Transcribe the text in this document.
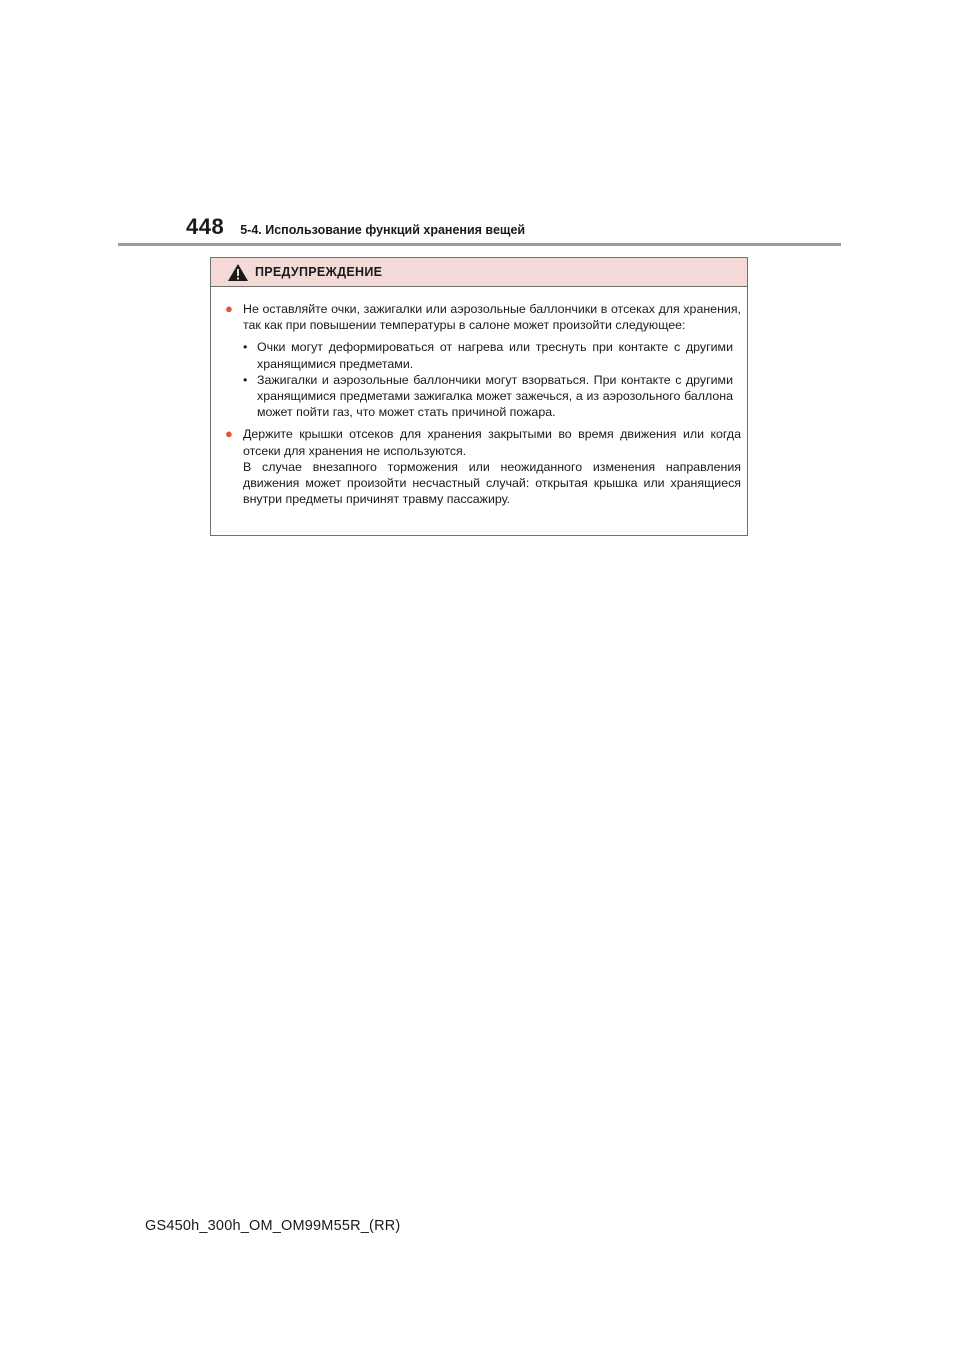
448 5-4. Использование функций хранения вещей
ПРЕДУПРЕЖДЕНИЕ
● Не оставляйте очки, зажигалки или аэрозольные баллончики в отсеках для хранения, так как при повышении температуры в салоне может произойти следующее:

• Очки могут деформироваться от нагрева или треснуть при контакте с другими хранящимися предметами.
• Зажигалки и аэрозольные баллончики могут взорваться. При контакте с другими хранящимися предметами зажигалка может зажечься, а из аэрозольного баллона может пойти газ, что может стать причиной пожара.
● Держите крышки отсеков для хранения закрытыми во время движения или когда отсеки для хранения не используются.

В случае внезапного торможения или неожиданного изменения направления движения может произойти несчастный случай: открытая крышка или хранящиеся внутри предметы причинят травму пассажиру.

GS450h_300h_OM_OM99M55R_(RR)
